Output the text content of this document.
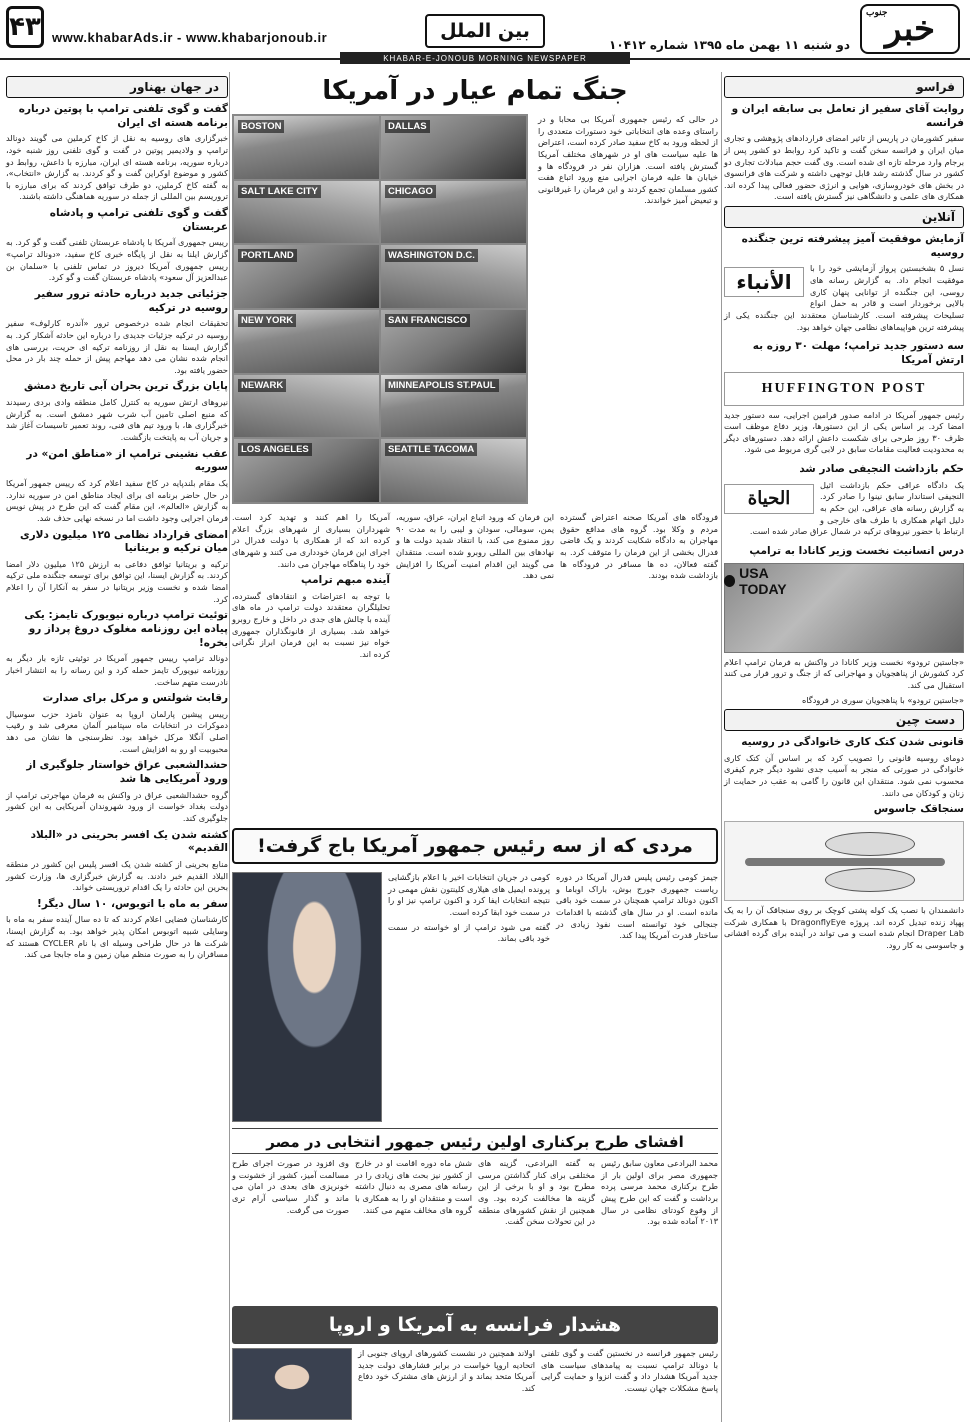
۴۳ www.khabarAds.ir - www.khabarjonoub.ir	بین الملل
KHABAR-E-JONOUB MORNING NEWSPAPER
دو شنبه ۱۱ بهمن ماه ۱۳۹۵ شماره ۱۰۴۱۲
جنوب
خبر
در جهان بهناور
گفت و گوی تلفنی ترامپ با پوتین درباره برنامه هسته ای ایران

خبرگزاری های روسیه به نقل از کاخ کرملین می گویند دونالد ترامپ و ولادیمیر پوتین در گفت و گوی تلفنی روز شنبه خود، درباره سوریه، برنامه هسته ای ایران، مبارزه با داعش، روابط دو کشور و موضوع اوکراین گفت و گو کردند. به گزارش «انتخاب»، به گفته کاخ کرملین، دو طرف توافق کردند که برای مبارزه با تروریسم بین المللی از جمله در سوریه هماهنگی داشته باشند.

گفت و گوی تلفنی ترامپ و پادشاه عربستان

رییس جمهوری آمریکا با پادشاه عربستان تلفنی گفت و گو کرد. به گزارش ایلنا به نقل از پایگاه خبری کاخ سفید، «دونالد ترامپ» رییس جمهوری آمریکا دیروز در تماس تلفنی با «سلمان بن عبدالعزیز آل سعود» پادشاه عربستان گفت و گو کرد.

جزئیاتی جدید درباره حادثه ترور سفیر روسیه در ترکیه

تحقیقات انجام شده درخصوص ترور «آندره کارلوف» سفیر روسیه در ترکیه جزئیات جدیدی را درباره این حادثه آشکار کرد. به گزارش ایسنا به نقل از روزنامه ترکیه ای حریت، بررسی های انجام شده نشان می دهد مهاجم پیش از حمله چند بار در محل حضور یافته بود.

پایان بزرگ ترین بحران آبی تاریخ دمشق

نیروهای ارتش سوریه به کنترل کامل منطقه وادی بردی رسیدند که منبع اصلی تامین آب شرب شهر دمشق است. به گزارش خبرگزاری ها، با ورود تیم های فنی، روند تعمیر تاسیسات آغاز شد و جریان آب به پایتخت بازگشت.

عقب نشینی ترامپ از «مناطق امن» در سوریه

یک مقام بلندپایه در کاخ سفید اعلام کرد که رییس جمهور آمریکا در حال حاضر برنامه ای برای ایجاد مناطق امن در سوریه ندارد. به گزارش «العالم»، این مقام گفت که این طرح در پیش نویس فرمان اجرایی وجود داشت اما در نسخه نهایی حذف شد.

امضای قرارداد نظامی ۱۲۵ میلیون دلاری میان ترکیه و بریتانیا

ترکیه و بریتانیا توافق دفاعی به ارزش ۱۲۵ میلیون دلار امضا کردند. به گزارش ایسنا، این توافق برای توسعه جنگنده ملی ترکیه امضا شده و نخست وزیر بریتانیا در سفر به آنکارا آن را اعلام کرد.

توئیت ترامپ درباره نیویورک تایمز: یکی پیاده این روزنامه مغلوک دروغ پرداز رو بخره!

دونالد ترامپ رییس جمهور آمریکا در توئیتی تازه بار دیگر به روزنامه نیویورک تایمز حمله کرد و این رسانه را به انتشار اخبار نادرست متهم ساخت.

رقابت شولتس و مرکل برای صدارت

رییس پیشین پارلمان اروپا به عنوان نامزد حزب سوسیال دموکرات در انتخابات ماه سپتامبر آلمان معرفی شد و رقیب اصلی آنگلا مرکل خواهد بود. نظرسنجی ها نشان می دهد محبوبیت او رو به افزایش است.

حشدالشعبی عراق خواستار جلوگیری از ورود آمریکایی ها شد

گروه حشدالشعبی عراق در واکنش به فرمان مهاجرتی ترامپ از دولت بغداد خواست از ورود شهروندان آمریکایی به این کشور جلوگیری کند.

کشته شدن یک افسر بحرینی در «البلاد القدیم»

منابع بحرینی از کشته شدن یک افسر پلیس این کشور در منطقه البلاد القدیم خبر دادند. به گزارش خبرگزاری ها، وزارت کشور بحرین این حادثه را یک اقدام تروریستی خواند.

سفر به ماه با اتوبوس، ۱۰ سال دیگر!

کارشناسان فضایی اعلام کردند که تا ده سال آینده سفر به ماه با وسایلی شبیه اتوبوس امکان پذیر خواهد بود. به گزارش ایسنا، شرکت ها در حال طراحی وسیله ای با نام CYCLER هستند که مسافران را به صورت منظم میان زمین و ماه جابجا می کند.

جنگ تمام عیار در آمریکا
BOSTON	DALLAS
SALT LAKE CITY	CHICAGO
PORTLAND	WASHINGTON D.C.
NEW YORK	SAN FRANCISCO
NEWARK	MINNEAPOLIS ST.PAUL
LOS ANGELES	SEATTLE TACOMA

در حالی که رئیس جمهوری آمریکا بی محابا و در راستای وعده های انتخاباتی خود دستورات متعددی را از لحظه ورود به کاخ سفید صادر کرده است، اعتراض ها علیه سیاست های او در شهرهای مختلف آمریکا گسترش یافته است. هزاران نفر در فرودگاه ها و خیابان ها علیه فرمان اجرایی منع ورود اتباع هفت کشور مسلمان تجمع کردند و این فرمان را غیرقانونی و تبعیض آمیز خواندند.

فرودگاه های آمریکا صحنه اعتراض گسترده مردم و وکلا بود. گروه های مدافع حقوق مهاجران به دادگاه شکایت کردند و یک قاضی فدرال بخشی از این فرمان را متوقف کرد. به گفته فعالان، ده ها مسافر در فرودگاه ها بازداشت شده بودند.

این فرمان که ورود اتباع ایران، عراق، سوریه، یمن، سومالی، سودان و لیبی را به مدت ۹۰ روز ممنوع می کند، با انتقاد شدید دولت ها و نهادهای بین المللی روبرو شده است. منتقدان می گویند این اقدام امنیت آمریکا را افزایش نمی دهد.

آمریکا را اهم کنند و تهدید کرد است. شهرداران بسیاری از شهرهای بزرگ اعلام کرده اند که از همکاری با دولت فدرال در اجرای این فرمان خودداری می کنند و شهرهای خود را پناهگاه مهاجران می دانند.

آینده مبهم ترامپ

با توجه به اعتراضات و انتقادهای گسترده، تحلیلگران معتقدند دولت ترامپ در ماه های آینده با چالش های جدی در داخل و خارج روبرو خواهد شد. بسیاری از قانونگذاران جمهوری خواه نیز نسبت به این فرمان ابراز نگرانی کرده اند.

مردی که از سه رئیس جمهور آمریکا باج گرفت!

جیمز کومی رئیس پلیس فدرال آمریکا در دوره ریاست جمهوری جورج بوش، باراک اوباما و اکنون دونالد ترامپ همچنان در سمت خود باقی مانده است. او در سال های گذشته با اقدامات جنجالی خود توانسته است نفوذ زیادی در ساختار قدرت آمریکا پیدا کند.

کومی در جریان انتخابات اخیر با اعلام بازگشایی پرونده ایمیل های هیلاری کلینتون نقش مهمی در نتیجه انتخابات ایفا کرد و اکنون ترامپ نیز او را در سمت خود ابقا کرده است.

گفته می شود ترامپ از او خواسته در سمت خود باقی بماند.

افشای طرح برکناری اولین رئیس جمهور انتخابی در مصر

محمد البرادعی معاون سابق رئیس جمهوری مصر برای اولین بار از طرح برکناری محمد مرسی پرده برداشت و گفت که این طرح پیش از وقوع کودتای نظامی در سال ۲۰۱۳ آماده شده بود.

به گفته البرادعی، گزینه های مختلفی برای کنار گذاشتن مرسی مطرح بود و او با برخی از این گزینه ها مخالفت کرده بود. وی همچنین از نقش کشورهای منطقه در این تحولات سخن گفت.

شش ماه دوره اقامت او در خارج از کشور نیز بحث های زیادی را در رسانه های مصری به دنبال داشته است و منتقدان او را به همکاری با گروه های مخالف متهم می کنند.

وی افزود در صورت اجرای طرح مسالمت آمیز، کشور از خشونت و خونریزی های بعدی در امان می ماند و گذار سیاسی آرام تری صورت می گرفت.

هشدار فرانسه به آمریکا و اروپا

رئیس جمهور فرانسه در نخستین گفت و گوی تلفنی با دونالد ترامپ نسبت به پیامدهای سیاست های جدید آمریکا هشدار داد و گفت انزوا و حمایت گرایی پاسخ مشکلات جهان نیست.

اولاند همچنین در نشست کشورهای اروپای جنوبی از اتحادیه اروپا خواست در برابر فشارهای دولت جدید آمریکا متحد بماند و از ارزش های مشترک خود دفاع کند.

فراسو
روایت آقای سفیر از تعامل بی سابقه ایران و فرانسه

سفیر کشورمان در پاریس از تاثیر امضای قراردادهای پژوهشی و تجاری میان ایران و فرانسه سخن گفت و تاکید کرد روابط دو کشور پس از برجام وارد مرحله تازه ای شده است. وی گفت حجم مبادلات تجاری دو کشور در سال گذشته رشد قابل توجهی داشته و شرکت های فرانسوی در بخش های خودروسازی، هوایی و انرژی حضور فعالی پیدا کرده اند. همکاری های علمی و دانشگاهی نیز گسترش یافته است.

آنلاین
آزمایش موفقیت آمیز پیشرفته ترین جنگنده روسیه
الأنباء

نسل ۵ بشخبستین پرواز آزمایشی خود را با موفقیت انجام داد. به گزارش رسانه های روسی، این جنگنده از توانایی پنهان کاری بالایی برخوردار است و قادر به حمل انواع تسلیحات پیشرفته است. کارشناسان معتقدند این جنگنده یکی از پیشرفته ترین هواپیماهای نظامی جهان خواهد بود.

سه دستور جدید ترامپ؛ مهلت ۳۰ روزه به ارتش آمریکا
HUFFINGTON POST

رئیس جمهور آمریکا در ادامه صدور فرامین اجرایی، سه دستور جدید امضا کرد. بر اساس یکی از این دستورها، وزیر دفاع موظف است ظرف ۳۰ روز طرحی برای شکست داعش ارائه دهد. دستورهای دیگر به محدودیت فعالیت مقامات سابق در لابی گری مربوط می شود.

حکم بازداشت النجیفی صادر شد
الحياة

یک دادگاه عراقی حکم بازداشت اثیل النجیفی استاندار سابق نینوا را صادر کرد. به گزارش رسانه های عراقی، این حکم به دلیل اتهام همکاری با طرف های خارجی و ارتباط با حضور نیروهای ترکیه در شمال عراق صادر شده است.

درس انسانیت نخست وزیر کانادا به ترامپ
USA TODAY

«جاستین ترودو» نخست وزیر کانادا در واکنش به فرمان ترامپ اعلام کرد کشورش از پناهجویان و مهاجرانی که از جنگ و ترور فرار می کنند استقبال می کند.

«جاستین ترودو» با پناهجویان سوری در فرودگاه

دست چین
قانونی شدن کتک کاری خانوادگی در روسیه

دومای روسیه قانونی را تصویب کرد که بر اساس آن کتک کاری خانوادگی در صورتی که منجر به آسیب جدی نشود دیگر جرم کیفری محسوب نمی شود. منتقدان این قانون را گامی به عقب در حمایت از زنان و کودکان می دانند.

سنجاقک جاسوس

دانشمندان با نصب یک کوله پشتی کوچک بر روی سنجاقک آن را به یک پهپاد زنده تبدیل کرده اند. پروژه DragonflyEye با همکاری شرکت Draper Lab انجام شده است و می تواند در آینده برای گرده افشانی و جاسوسی به کار رود.
